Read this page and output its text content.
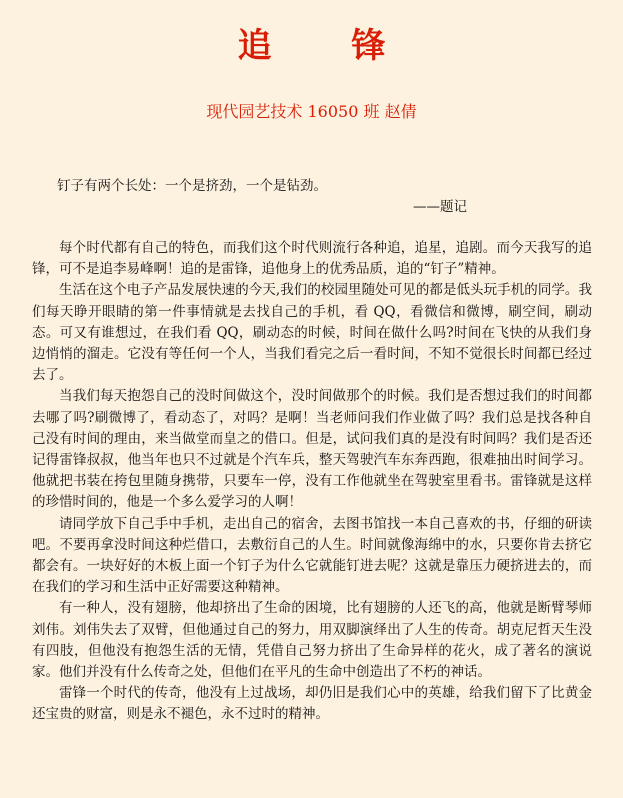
追 锋
现代园艺技术 16050 班 赵倩
钉子有两个长处：一个是挤劲，一个是钻劲。
——题记

每个时代都有自己的特色，而我们这个时代则流行各种追，追星，追剧。而今天我写的追锋，可不是追李易峰啊！追的是雷锋，追他身上的优秀品质，追的“钉子”精神。

生活在这个电子产品发展快速的今天,我们的校园里随处可见的都是低头玩手机的同学。我们每天睁开眼睛的第一件事情就是去找自己的手机，看 QQ，看微信和微博，刷空间，刷动态。可又有谁想过，在我们看 QQ，刷动态的时候，时间在做什么吗?时间在飞快的从我们身边悄悄的溜走。它没有等任何一个人，当我们看完之后一看时间，不知不觉很长时间都已经过去了。

当我们每天抱怨自己的没时间做这个，没时间做那个的时候。我们是否想过我们的时间都去哪了吗?刷微博了，看动态了，对吗？是啊！当老师问我们作业做了吗？我们总是找各种自己没有时间的理由，来当做堂而皇之的借口。但是，试问我们真的是没有时间吗？我们是否还记得雷锋叔叔，他当年也只不过就是个汽车兵，整天驾驶汽车东奔西跑，很难抽出时间学习。他就把书装在挎包里随身携带，只要车一停，没有工作他就坐在驾驶室里看书。雷锋就是这样的珍惜时间的，他是一个多么爱学习的人啊！

请同学放下自己手中手机，走出自己的宿舍，去图书馆找一本自己喜欢的书，仔细的研读吧。不要再拿没时间这种烂借口，去敷衍自己的人生。时间就像海绵中的水，只要你肯去挤它都会有。一块好好的木板上面一个钉子为什么它就能钉进去呢？这就是靠压力硬挤进去的，而在我们的学习和生活中正好需要这种精神。

有一种人，没有翅膀，他却挤出了生命的困境，比有翅膀的人还飞的高，他就是断臂琴师刘伟。刘伟失去了双臂，但他通过自己的努力，用双脚演绎出了人生的传奇。胡克尼哲天生没有四肢，但他没有抱怨生活的无情，凭借自己努力挤出了生命异样的花火，成了著名的演说家。他们并没有什么传奇之处，但他们在平凡的生命中创造出了不朽的神话。

雷锋一个时代的传奇，他没有上过战场，却仍旧是我们心中的英雄，给我们留下了比黄金还宝贵的财富，则是永不褪色，永不过时的精神。
